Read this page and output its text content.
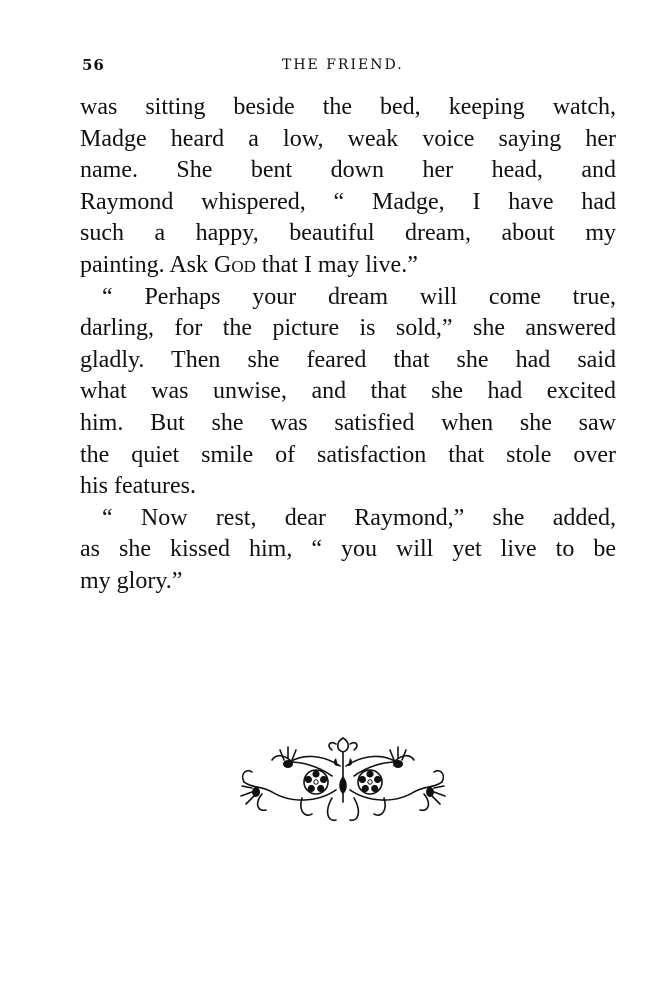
56	THE FRIEND.
was sitting beside the bed, keeping watch,
Madge heard a low, weak voice saying her
name. She bent down her head, and
Raymond whispered, “ Madge, I have had
such a happy, beautiful dream, about my
painting. Ask God that I may live.”
“ Perhaps your dream will come true,
darling, for the picture is sold,” she answered
gladly. Then she feared that she had said
what was unwise, and that she had excited
him. But she was satisfied when she saw
the quiet smile of satisfaction that stole over
his features.
“ Now rest, dear Raymond,” she added,
as she kissed him, “ you will yet live to be
my glory.”
